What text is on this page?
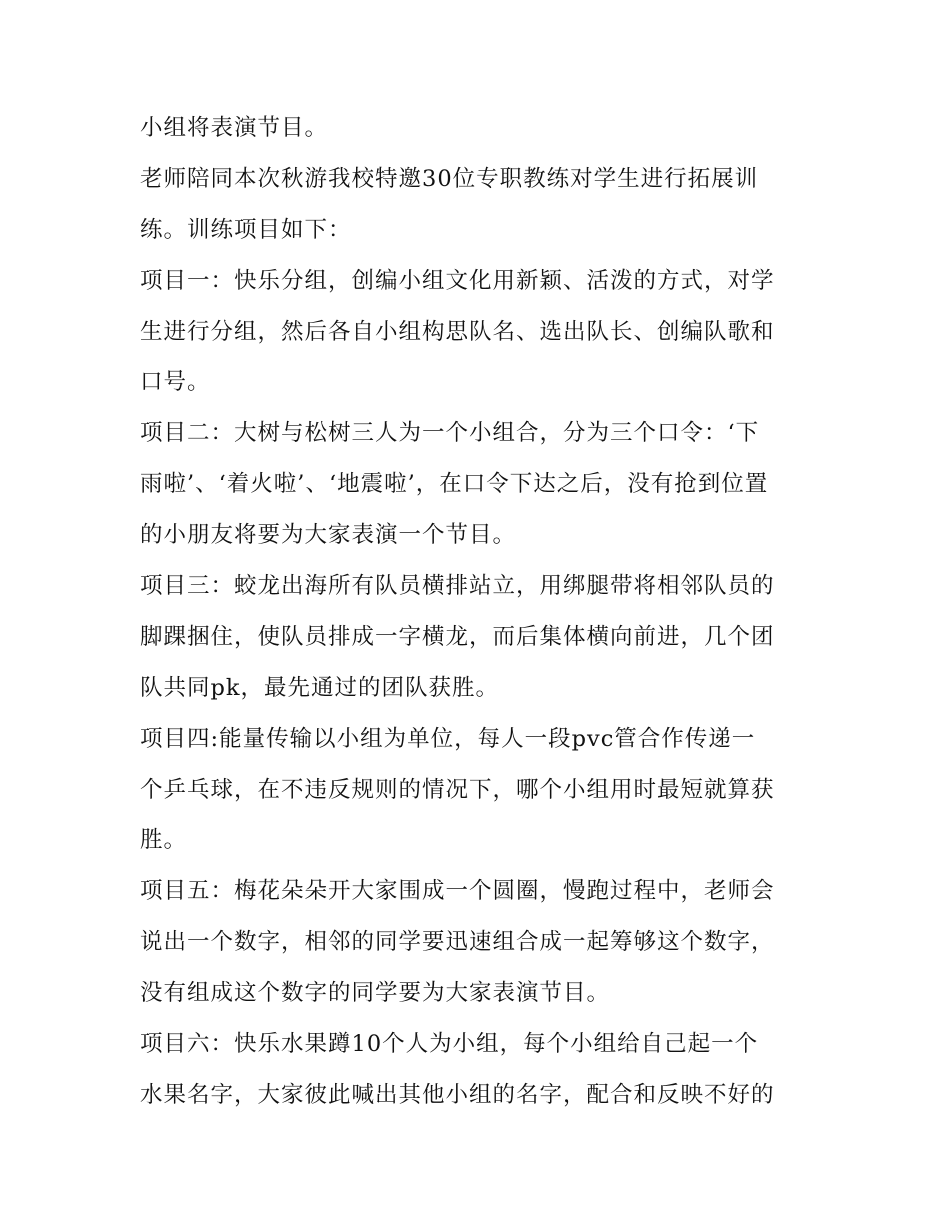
小组将表演节目。
老师陪同本次秋游我校特邀30位专职教练对学生进行拓展训
练。训练项目如下：
项目一：快乐分组，创编小组文化用新颖、活泼的方式，对学
生进行分组，然后各自小组构思队名、选出队长、创编队歌和
口号。
项目二：大树与松树三人为一个小组合，分为三个口令：‘下
雨啦’、‘着火啦’、‘地震啦’，在口令下达之后，没有抢到位置
的小朋友将要为大家表演一个节目。
项目三：蛟龙出海所有队员横排站立，用绑腿带将相邻队员的
脚踝捆住，使队员排成一字横龙，而后集体横向前进，几个团
队共同pk，最先通过的团队获胜。
项目四:能量传输以小组为单位，每人一段pvc管合作传递一
个乒乓球，在不违反规则的情况下，哪个小组用时最短就算获
胜。
项目五：梅花朵朵开大家围成一个圆圈，慢跑过程中，老师会
说出一个数字，相邻的同学要迅速组合成一起筹够这个数字，
没有组成这个数字的同学要为大家表演节目。
项目六：快乐水果蹲10个人为小组，每个小组给自己起一个
水果名字，大家彼此喊出其他小组的名字，配合和反映不好的
